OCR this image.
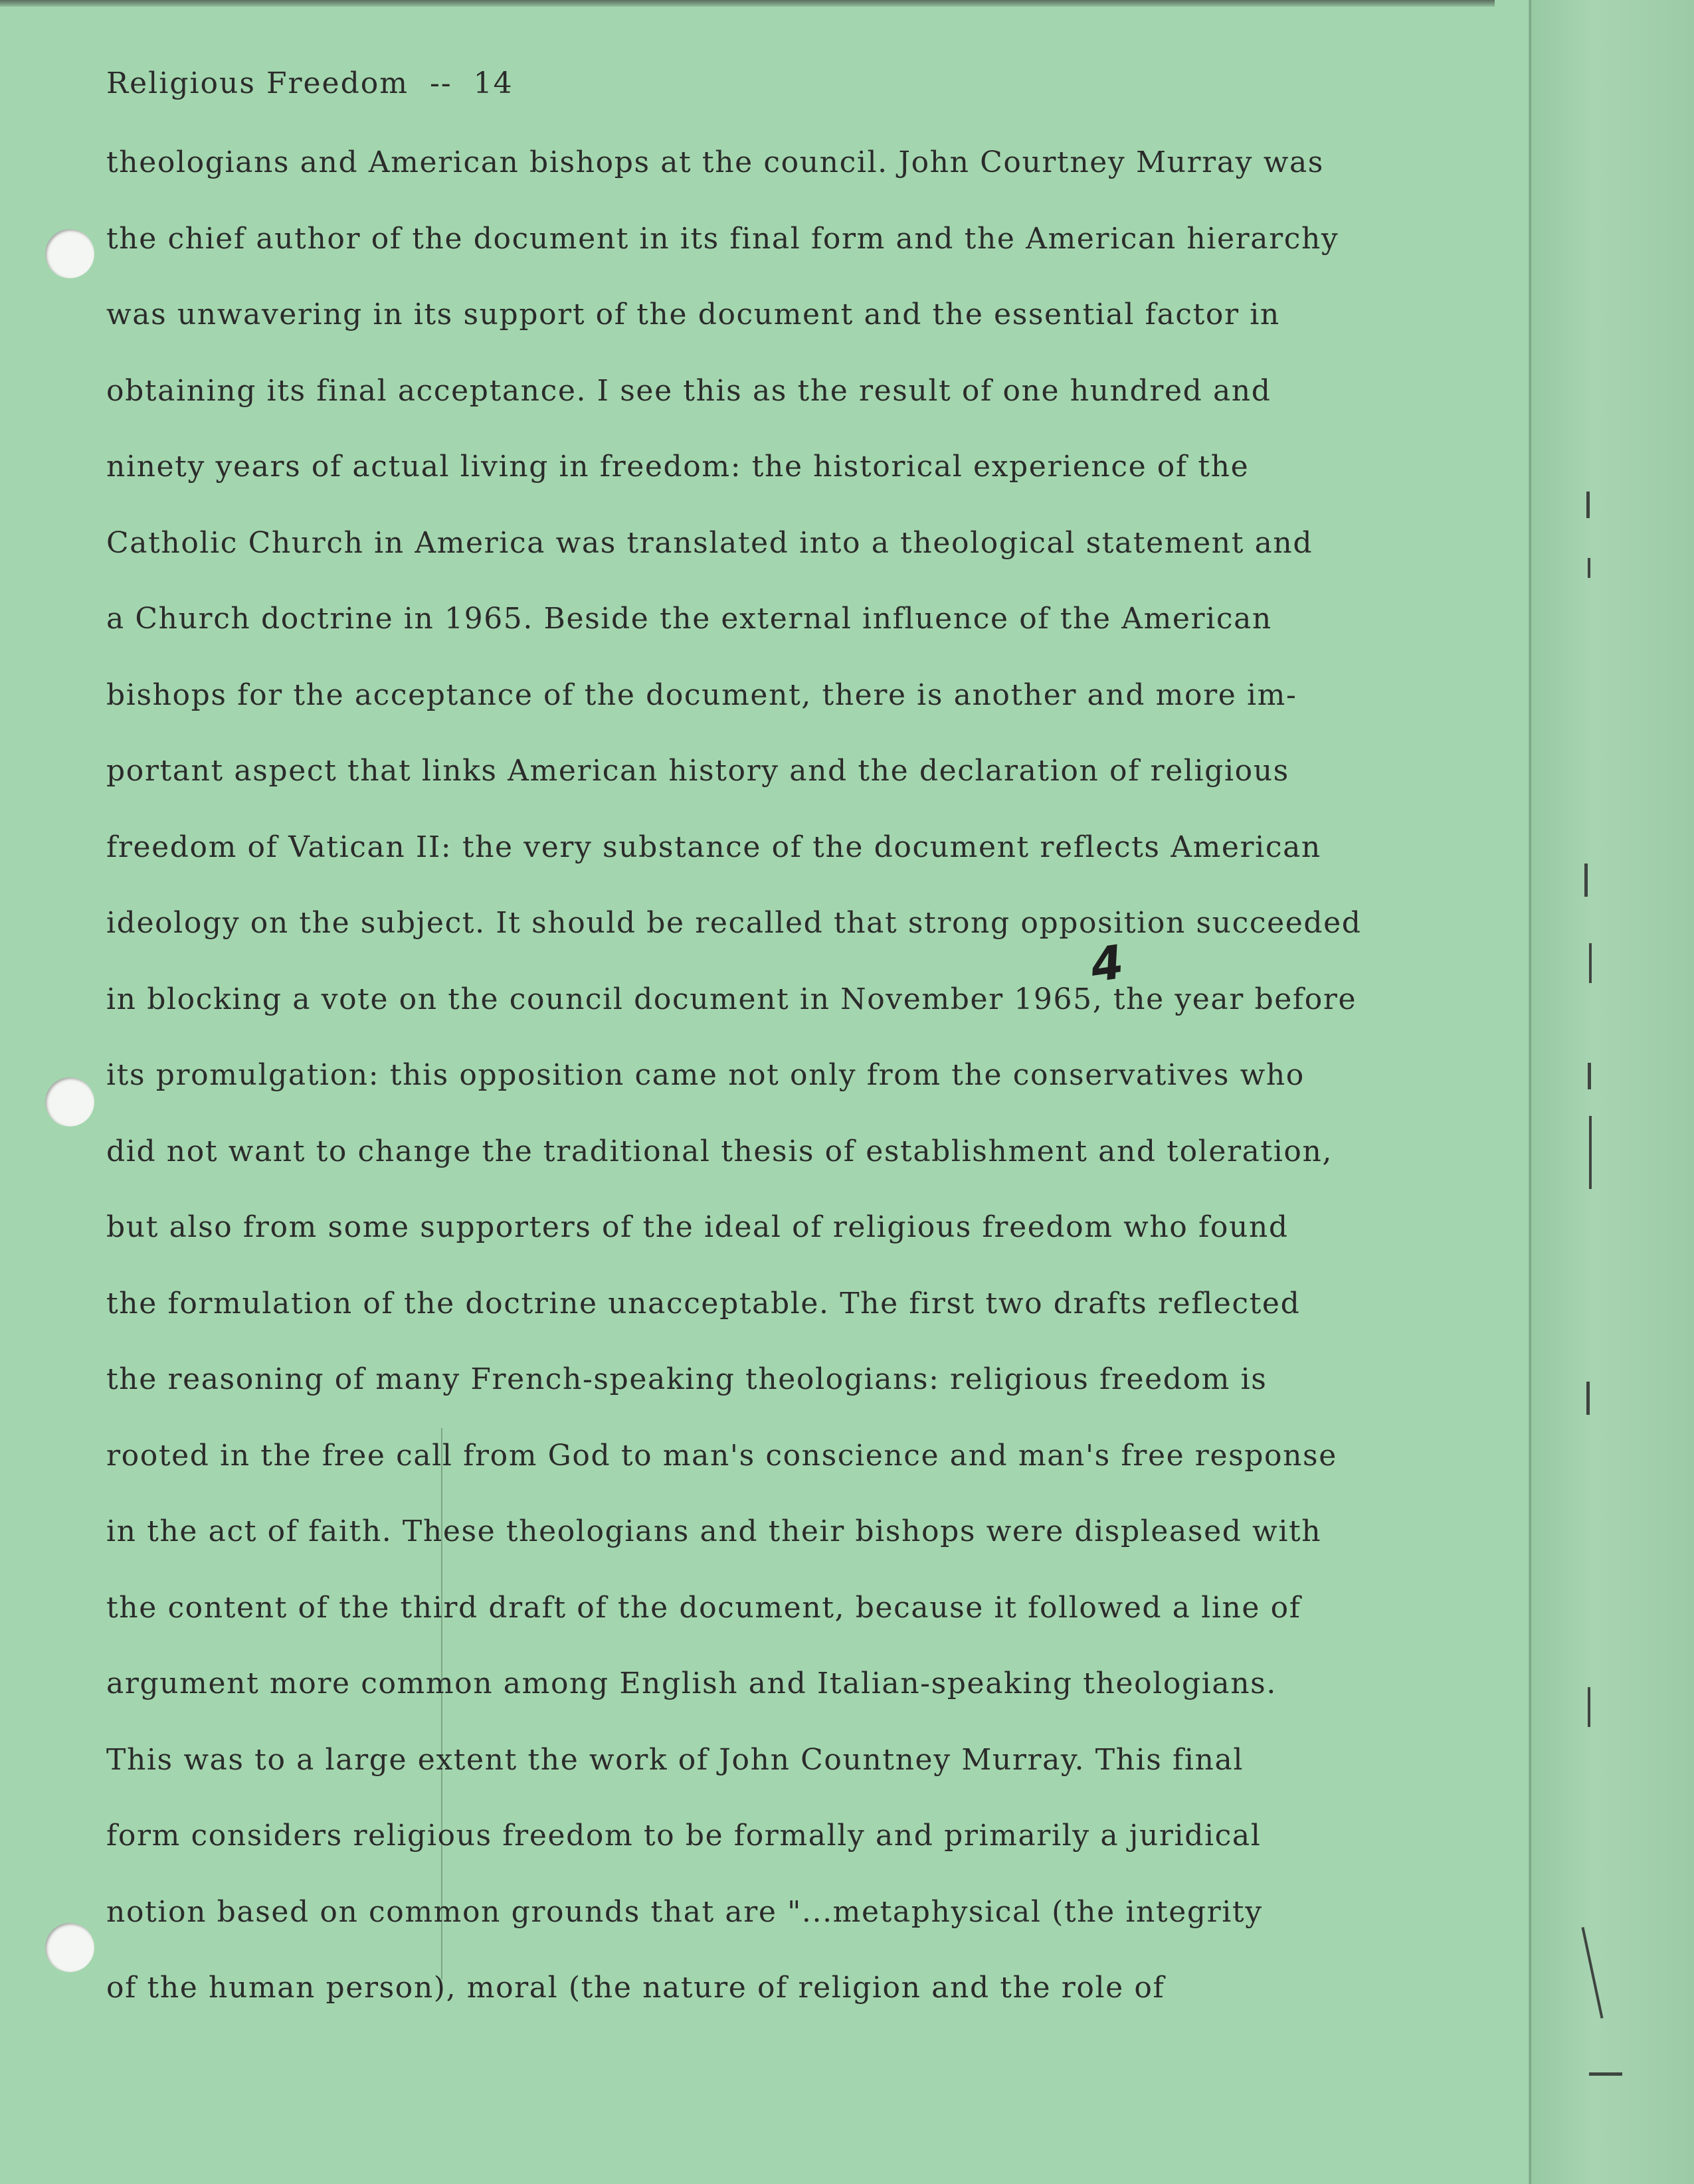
Religious Freedom  --  14
theologians and American bishops at the council. John Courtney Murray was
the chief author of the document in its final form and the American hierarchy
was unwavering in its support of the document and the essential factor in
obtaining its final acceptance. I see this as the result of one hundred and
ninety years of actual living in freedom: the historical experience of the
Catholic Church in America was translated into a theological statement and
a Church doctrine in 1965. Beside the external influence of the American
bishops for the acceptance of the document, there is another and more im-
portant aspect that links American history and the declaration of religious
freedom of Vatican II: the very substance of the document reflects American
ideology on the subject. It should be recalled that strong opposition succeeded
in blocking a vote on the council document in November 1965, the year before
its promulgation: this opposition came not only from the conservatives who
did not want to change the traditional thesis of establishment and toleration,
but also from some supporters of the ideal of religious freedom who found
the formulation of the doctrine unacceptable. The first two drafts reflected
the reasoning of many French-speaking theologians: religious freedom is
rooted in the free call from God to man's conscience and man's free response
in the act of faith. These theologians and their bishops were displeased with
the content of the third draft of the document, because it followed a line of
argument more common among English and Italian-speaking theologians.
This was to a large extent the work of John Countney Murray. This final
form considers religious freedom to be formally and primarily a juridical
notion based on common grounds that are "...metaphysical (the integrity
of the human person), moral (the nature of religion and the role of
4
